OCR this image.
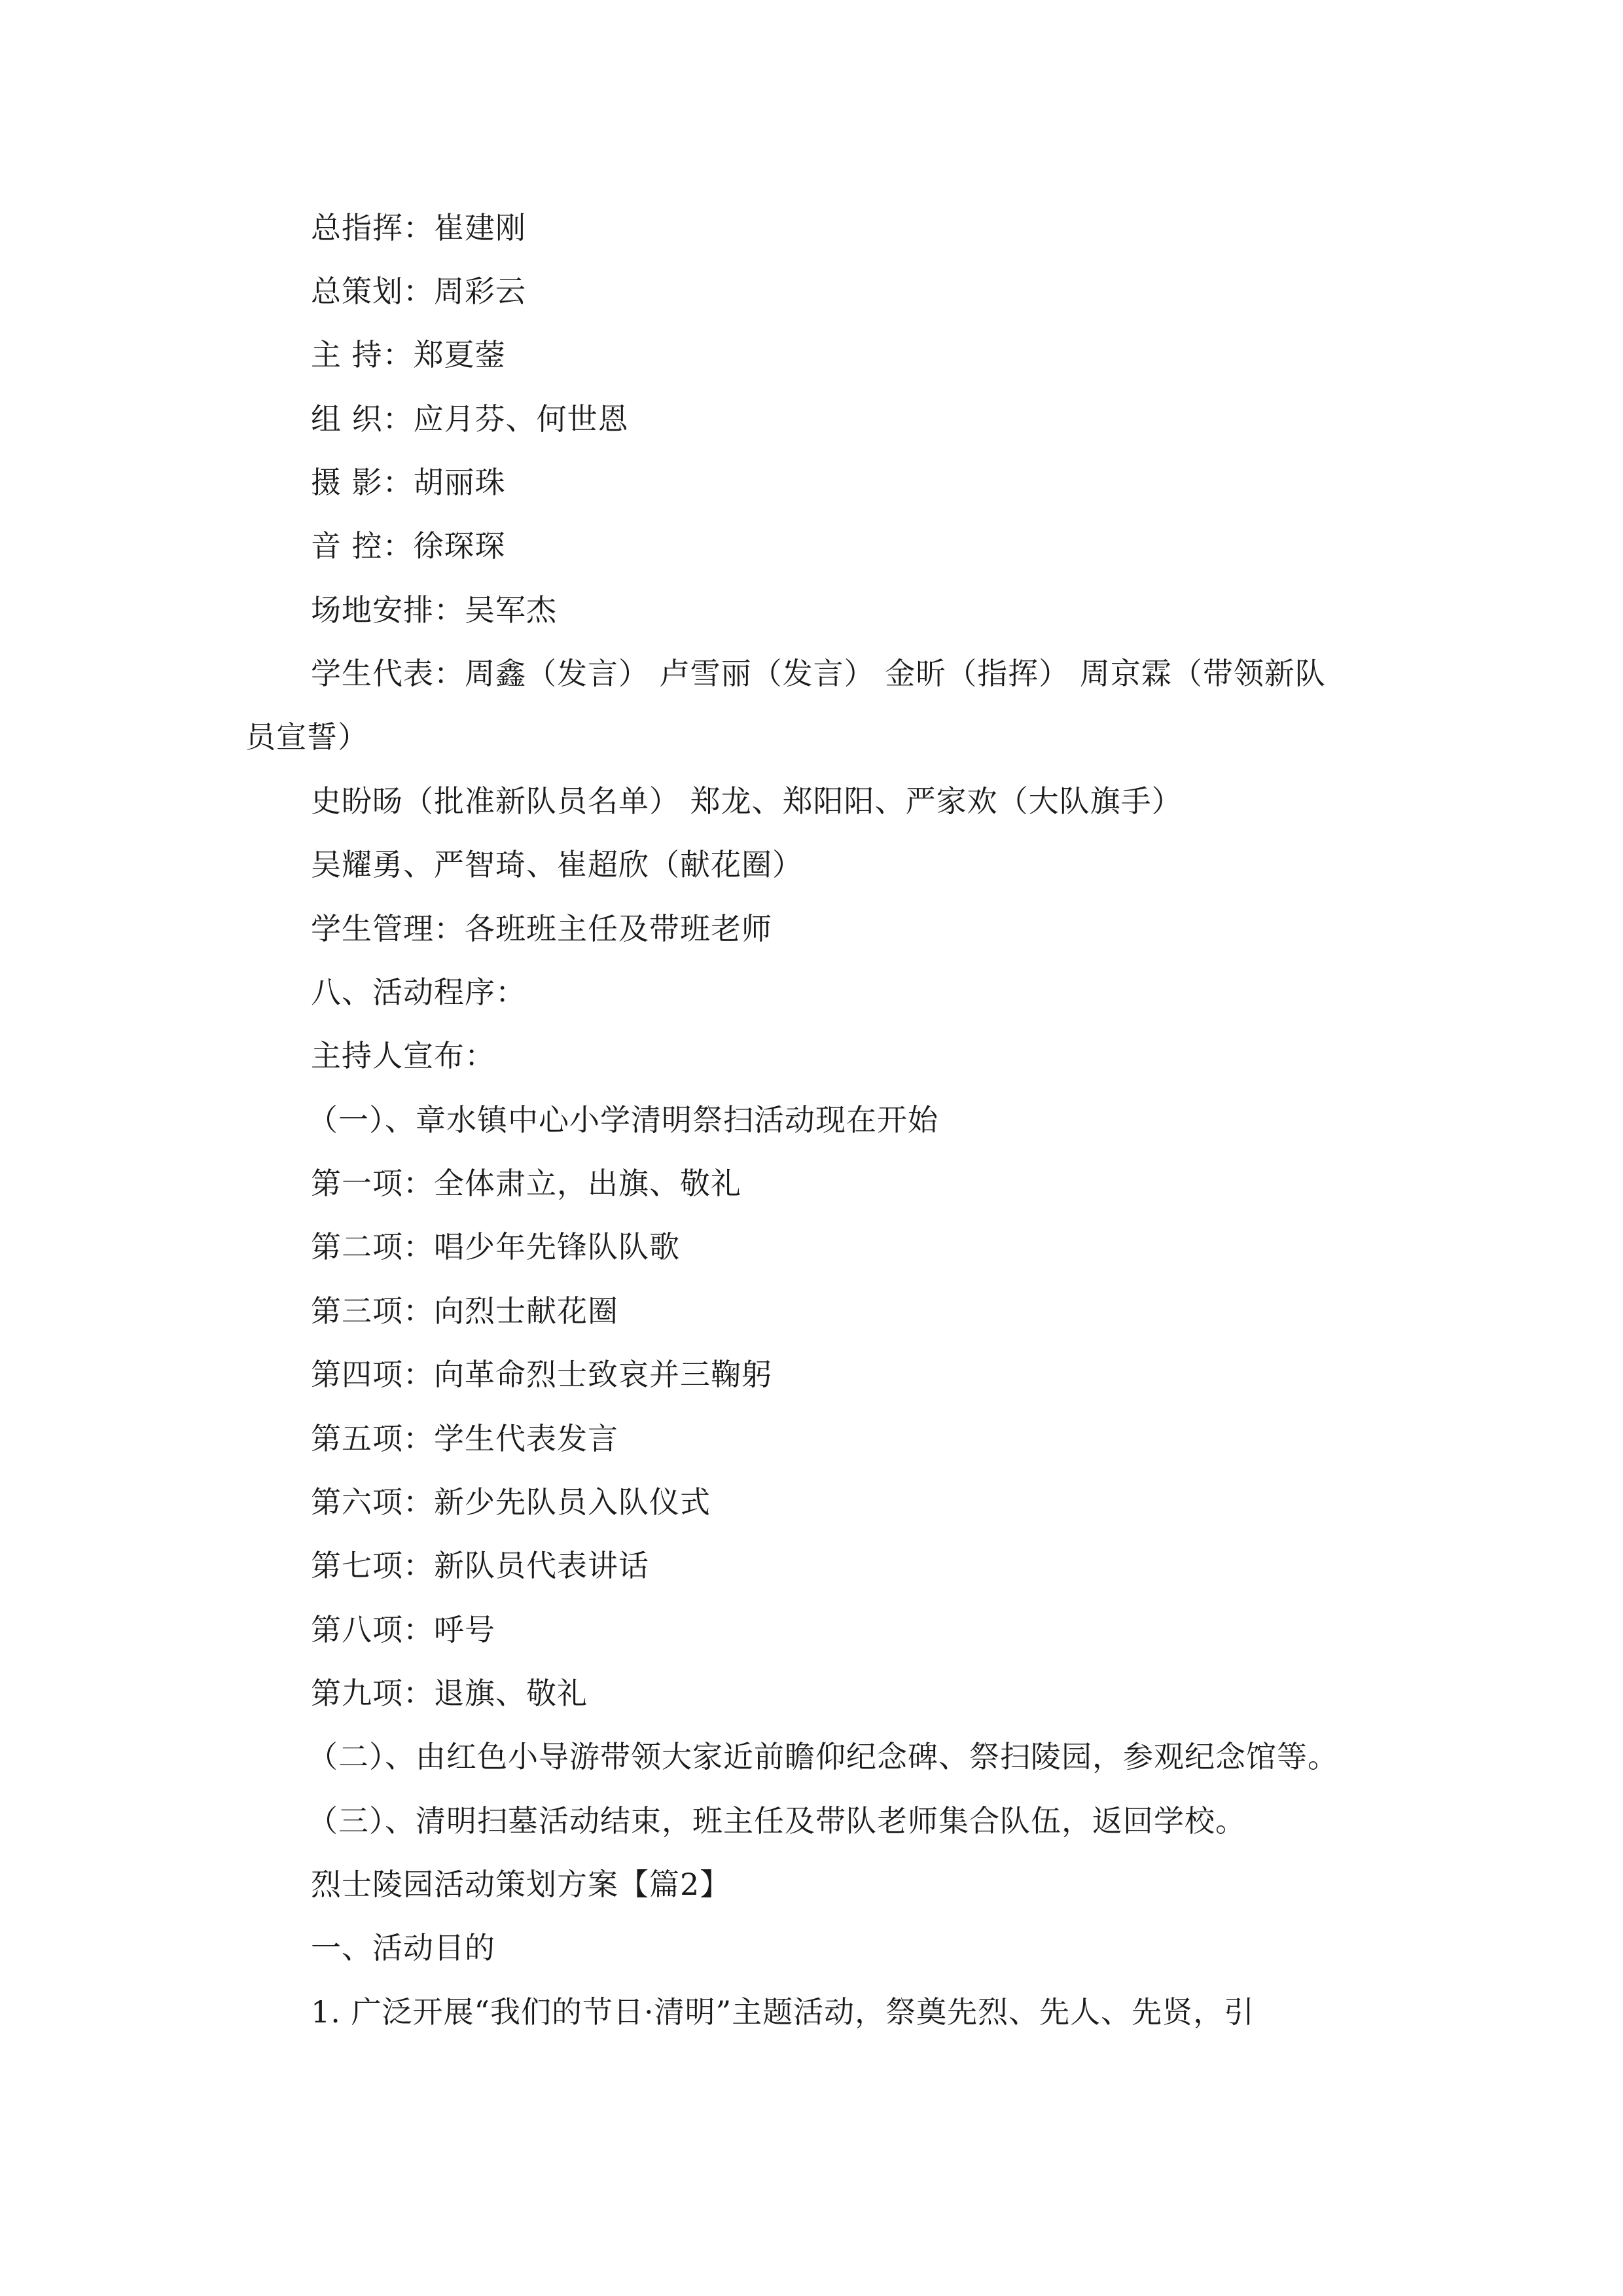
总指挥：崔建刚
总策划：周彩云
主 持：郑夏蓥
组 织：应月芬、何世恩
摄 影：胡丽珠
音 控：徐琛琛
场地安排：吴军杰
学生代表：周鑫（发言） 卢雪丽（发言） 金昕（指挥） 周京霖（带领新队
员宣誓）
史盼旸（批准新队员名单） 郑龙、郑阳阳、严家欢（大队旗手）
吴耀勇、严智琦、崔超欣（献花圈）
学生管理：各班班主任及带班老师
八、活动程序：
主持人宣布：
（一）、章水镇中心小学清明祭扫活动现在开始
第一项：全体肃立，出旗、敬礼
第二项：唱少年先锋队队歌
第三项：向烈士献花圈
第四项：向革命烈士致哀并三鞠躬
第五项：学生代表发言
第六项：新少先队员入队仪式
第七项：新队员代表讲话
第八项：呼号
第九项：退旗、敬礼
（二）、由红色小导游带领大家近前瞻仰纪念碑、祭扫陵园，参观纪念馆等。
（三）、清明扫墓活动结束，班主任及带队老师集合队伍，返回学校。
烈士陵园活动策划方案【篇2】
一、活动目的
1. 广泛开展“我们的节日·清明”主题活动，祭奠先烈、先人、先贤，引
